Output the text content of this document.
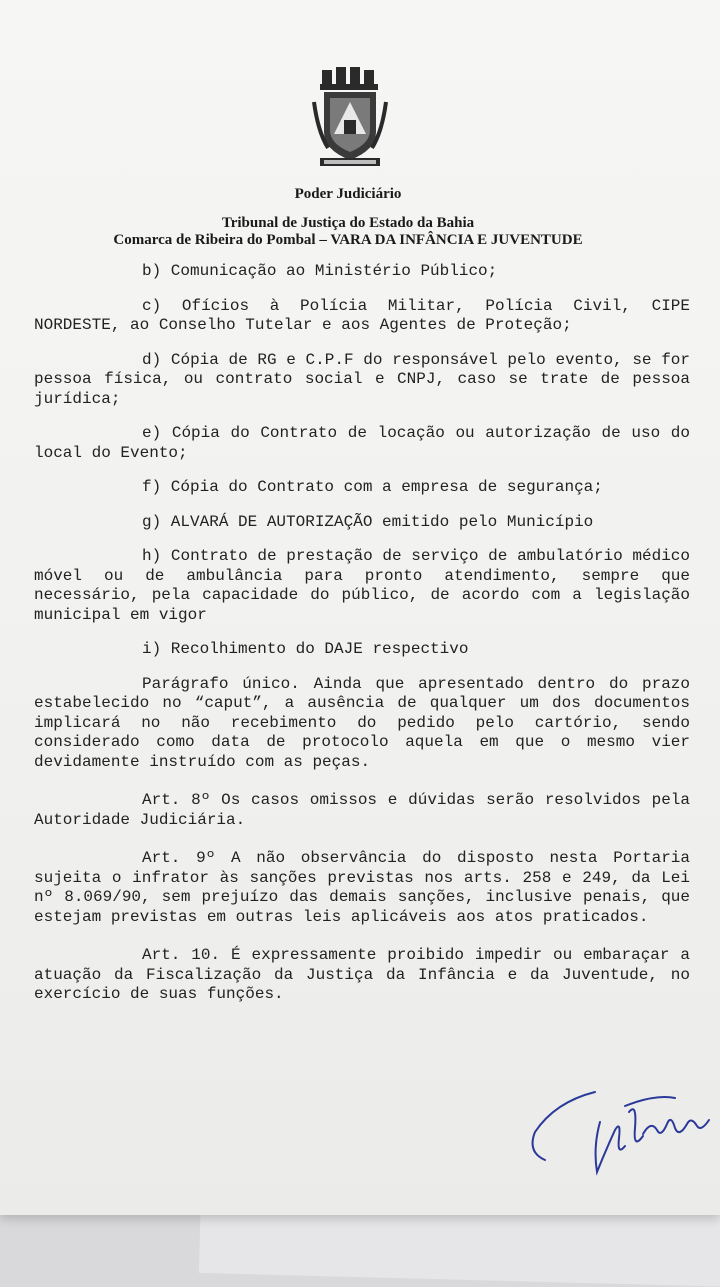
Poder Judiciário
Tribunal de Justiça do Estado da Bahia
Comarca de Ribeira do Pombal – VARA DA INFÂNCIA E JUVENTUDE

b) Comunicação ao Ministério Público;

c) Ofícios à Polícia Militar, Polícia Civil, CIPE NORDESTE, ao Conselho Tutelar e aos Agentes de Proteção;

d) Cópia de RG e C.P.F do responsável pelo evento, se for pessoa física, ou contrato social e CNPJ, caso se trate de pessoa jurídica;

e) Cópia do Contrato de locação ou autorização de uso do local do Evento;

f) Cópia do Contrato com a empresa de segurança;

g) ALVARÁ DE AUTORIZAÇÃO emitido pelo Município

h) Contrato de prestação de serviço de ambulatório médico móvel ou de ambulância para pronto atendimento, sempre que necessário, pela capacidade do público, de acordo com a legislação municipal em vigor

i) Recolhimento do DAJE respectivo

Parágrafo único. Ainda que apresentado dentro do prazo estabelecido no “caput”, a ausência de qualquer um dos documentos implicará no não recebimento do pedido pelo cartório, sendo considerado como data de protocolo aquela em que o mesmo vier devidamente instruído com as peças.

Art. 8º Os casos omissos e dúvidas serão resolvidos pela Autoridade Judiciária.

Art. 9º A não observância do disposto nesta Portaria sujeita o infrator às sanções previstas nos arts. 258 e 249, da Lei nº 8.069/90, sem prejuízo das demais sanções, inclusive penais, que estejam previstas em outras leis aplicáveis aos atos praticados.

Art. 10. É expressamente proibido impedir ou embaraçar a atuação da Fiscalização da Justiça da Infância e da Juventude, no exercício de suas funções.
